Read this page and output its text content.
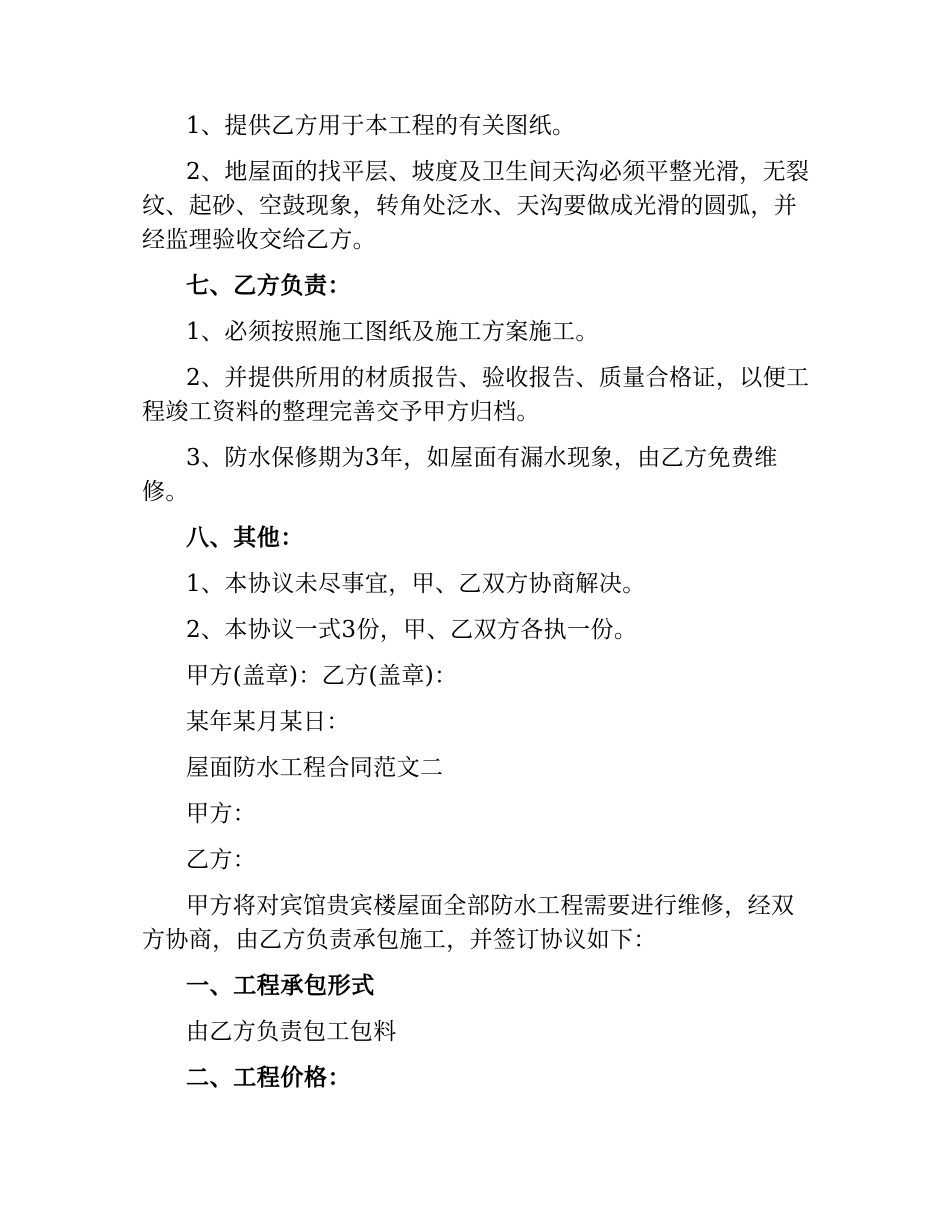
1、提供乙方用于本工程的有关图纸。

2、地屋面的找平层、坡度及卫生间天沟必须平整光滑，无裂纹、起砂、空鼓现象，转角处泛水、天沟要做成光滑的圆弧，并经监理验收交给乙方。

七、乙方负责：

1、必须按照施工图纸及施工方案施工。

2、并提供所用的材质报告、验收报告、质量合格证，以便工程竣工资料的整理完善交予甲方归档。

3、防水保修期为3年，如屋面有漏水现象，由乙方免费维修。

八、其他：

1、本协议未尽事宜，甲、乙双方协商解决。

2、本协议一式3份，甲、乙双方各执一份。

甲方(盖章)：乙方(盖章)：

某年某月某日：

屋面防水工程合同范文二

甲方：

乙方：

甲方将对宾馆贵宾楼屋面全部防水工程需要进行维修，经双方协商，由乙方负责承包施工，并签订协议如下：

一、工程承包形式

由乙方负责包工包料

二、工程价格：
